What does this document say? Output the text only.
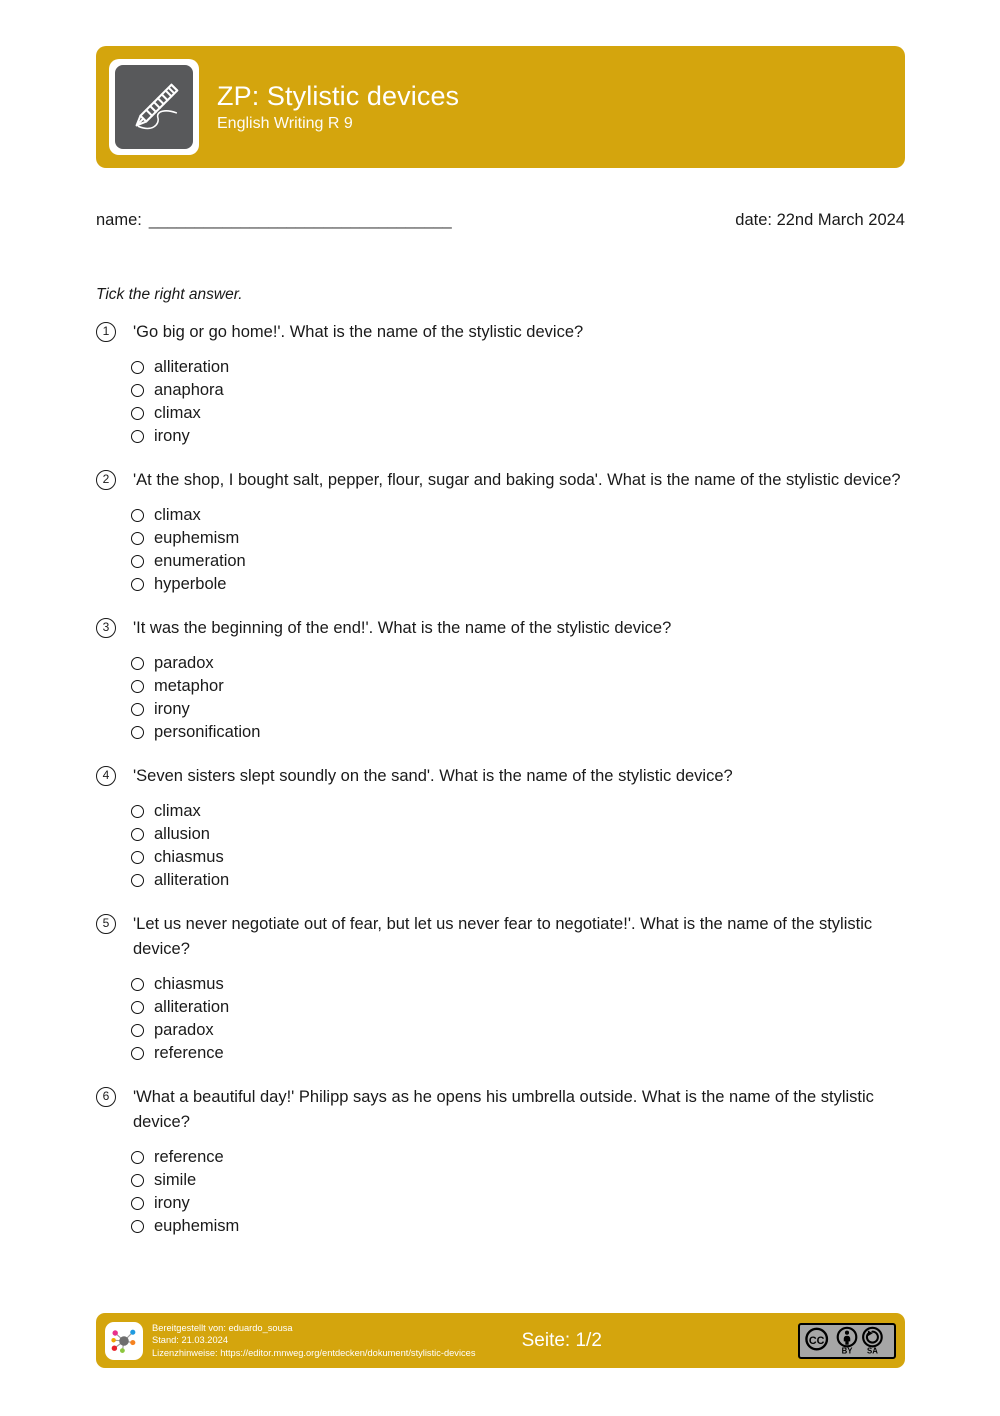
ZP: Stylistic devices
English Writing R 9
name: _________________________________	date: 22nd March 2024
Tick the right answer.
1	'Go big or go home!'. What is the name of the stylistic device?
alliteration
anaphora
climax
irony
2	'At the shop, I bought salt, pepper, flour, sugar and baking soda'. What is the name of the stylistic device?
climax
euphemism
enumeration
hyperbole
3	'It was the beginning of the end!'. What is the name of the stylistic device?
paradox
metaphor
irony
personification
4	'Seven sisters slept soundly on the sand'. What is the name of the stylistic device?
climax
allusion
chiasmus
alliteration
5	'Let us never negotiate out of fear, but let us never fear to negotiate!'. What is the name of the stylistic device?
chiasmus
alliteration
paradox
reference
6	'What a beautiful day!' Philipp says as he opens his umbrella outside. What is the name of the stylistic device?
reference
simile
irony
euphemism
Bereitgestellt von: eduardo_sousa
Stand: 21.03.2024
Lizenzhinweise: https://editor.mnweg.org/entdecken/dokument/stylistic-devices
Seite: 1/2	CC
BY SA
